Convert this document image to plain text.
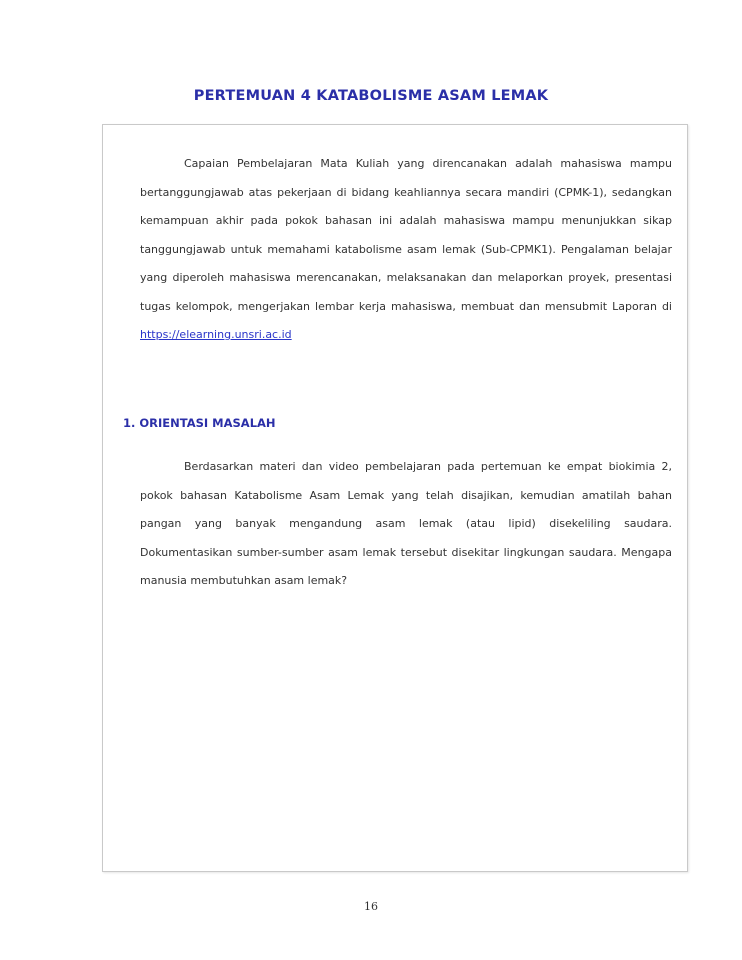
PERTEMUAN 4 KATABOLISME ASAM LEMAK
Capaian Pembelajaran Mata Kuliah yang direncanakan adalah mahasiswa mampu bertanggungjawab atas pekerjaan di bidang keahliannya secara mandiri (CPMK-1), sedangkan kemampuan akhir pada pokok bahasan ini adalah mahasiswa mampu menunjukkan sikap tanggungjawab untuk memahami katabolisme asam lemak (Sub-CPMK1). Pengalaman belajar yang diperoleh mahasiswa merencanakan, melaksanakan dan melaporkan proyek, presentasi tugas kelompok, mengerjakan lembar kerja mahasiswa, membuat dan mensubmit Laporan di https://elearning.unsri.ac.id
1. ORIENTASI MASALAH
Berdasarkan materi dan video pembelajaran pada pertemuan ke empat biokimia 2, pokok bahasan Katabolisme Asam Lemak yang telah disajikan, kemudian amatilah bahan pangan yang banyak mengandung asam lemak (atau lipid) disekeliling saudara. Dokumentasikan sumber-sumber asam lemak tersebut disekitar lingkungan saudara. Mengapa manusia membutuhkan asam lemak?
16
